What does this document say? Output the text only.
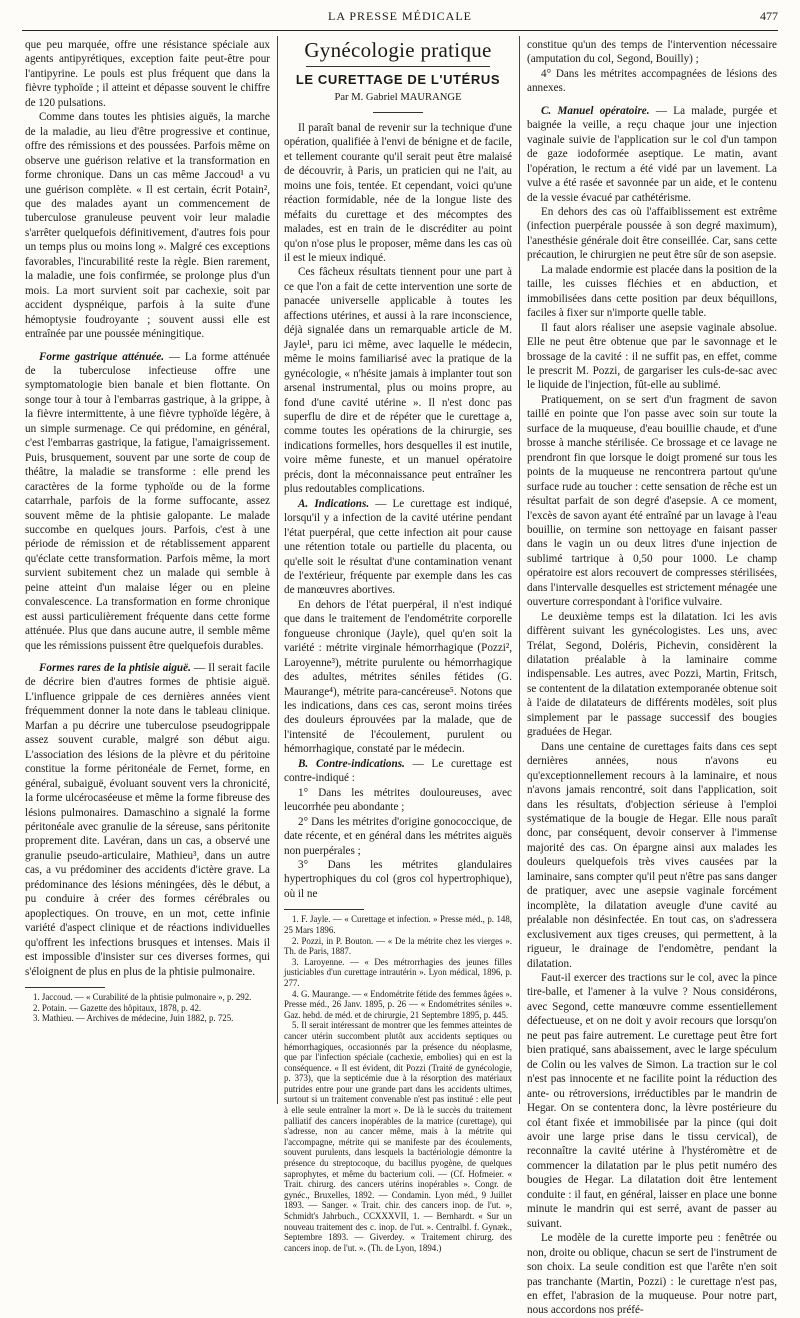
LA PRESSE MÉDICALE	477

que peu marquée, offre une résistance spéciale aux agents antipyrétiques, exception faite peut-être pour l'antipyrine. Le pouls est plus fréquent que dans la fièvre typhoïde ; il atteint et dépasse souvent le chiffre de 120 pulsations.

Comme dans toutes les phtisies aiguës, la marche de la maladie, au lieu d'être progressive et continue, offre des rémissions et des poussées. Parfois même on observe une guérison relative et la transformation en forme chronique. Dans un cas même Jaccoud¹ a vu une guérison complète. « Il est certain, écrit Potain², que des malades ayant un commencement de tuberculose granuleuse peuvent voir leur maladie s'arrêter quelquefois définitivement, d'autres fois pour un temps plus ou moins long ». Malgré ces exceptions favorables, l'incurabilité reste la règle. Bien rarement, la maladie, une fois confirmée, se prolonge plus d'un mois. La mort survient soit par cachexie, soit par accident dyspnéique, parfois à la suite d'une hémoptysie foudroyante ; souvent aussi elle est entraînée par une poussée méningitique.

Forme gastrique atténuée. — La forme atténuée de la tuberculose infectieuse offre une symptomatologie bien banale et bien flottante. On songe tour à tour à l'embarras gastrique, à la grippe, à la fièvre intermittente, à une fièvre typhoïde légère, à un simple surmenage. Ce qui prédomine, en général, c'est l'embarras gastrique, la fatigue, l'amaigrissement. Puis, brusquement, souvent par une sorte de coup de théâtre, la maladie se transforme : elle prend les caractères de la forme typhoïde ou de la forme catarrhale, parfois de la forme suffocante, assez souvent même de la phtisie galopante. Le malade succombe en quelques jours. Parfois, c'est à une période de rémission et de rétablissement apparent qu'éclate cette transformation. Parfois même, la mort survient subitement chez un malade qui semble à peine atteint d'un malaise léger ou en pleine convalescence. La transformation en forme chronique est aussi particulièrement fréquente dans cette forme atténuée. Plus que dans aucune autre, il semble même que les rémissions puissent être quelquefois durables.

Formes rares de la phtisie aiguë. — Il serait facile de décrire bien d'autres formes de phtisie aiguë. L'influence grippale de ces dernières années vient fréquemment donner la note dans le tableau clinique. Marfan a pu décrire une tuberculose pseudogrippale assez souvent curable, malgré son début aigu. L'association des lésions de la plèvre et du péritoine constitue la forme péritonéale de Fernet, forme, en général, subaiguë, évoluant souvent vers la chronicité, la forme ulcérocaséeuse et même la forme fibreuse des lésions pulmonaires. Damaschino a signalé la forme péritonéale avec granulie de la séreuse, sans péritonite proprement dite. Lavéran, dans un cas, a observé une granulie pseudo-articulaire, Mathieu³, dans un autre cas, a vu prédominer des accidents d'ictère grave. La prédominance des lésions méningées, dès le début, a pu conduire à créer des formes cérébrales ou apoplectiques. On trouve, en un mot, cette infinie variété d'aspect clinique et de réactions individuelles qu'offrent les infections brusques et intenses. Mais il est impossible d'insister sur ces diverses formes, qui s'éloignent de plus en plus de la phtisie pulmonaire.

1. Jaccoud. — « Curabilité de la phtisie pulmonaire », p. 292.

2. Potain. — Gazette des hôpitaux, 1878, p. 42.

3. Mathieu. — Archives de médecine, Juin 1882, p. 725.

Gynécologie pratique
LE CURETTAGE DE L'UTÉRUS
Par M. Gabriel MAURANGE

Il paraît banal de revenir sur la technique d'une opération, qualifiée à l'envi de bénigne et de facile, et tellement courante qu'il serait peut être malaisé de découvrir, à Paris, un praticien qui ne l'ait, au moins une fois, tentée. Et cependant, voici qu'une réaction formidable, née de la longue liste des méfaits du curettage et des mécomptes des malades, est en train de le discréditer au point qu'on n'ose plus le proposer, même dans les cas où il est le mieux indiqué.

Ces fâcheux résultats tiennent pour une part à ce que l'on a fait de cette intervention une sorte de panacée universelle applicable à toutes les affections utérines, et aussi à la rare inconscience, déjà signalée dans un remarquable article de M. Jayle¹, paru ici même, avec laquelle le médecin, même le moins familiarisé avec la pratique de la gynécologie, « n'hésite jamais à implanter tout son arsenal instrumental, plus ou moins propre, au fond d'une cavité utérine ». Il n'est donc pas superflu de dire et de répéter que le curettage a, comme toutes les opérations de la chirurgie, ses indications formelles, hors desquelles il est inutile, voire même funeste, et un manuel opératoire précis, dont la méconnaissance peut entraîner les plus redoutables complications.

A. Indications. — Le curettage est indiqué, lorsqu'il y a infection de la cavité utérine pendant l'état puerpéral, que cette infection ait pour cause une rétention totale ou partielle du placenta, ou qu'elle soit le résultat d'une contamination venant de l'extérieur, fréquente par exemple dans les cas de manœuvres abortives.

En dehors de l'état puerpéral, il n'est indiqué que dans le traitement de l'endométrite corporelle fongueuse chronique (Jayle), quel qu'en soit la variété : métrite virginale hémorrhagique (Pozzi², Laroyenne³), métrite purulente ou hémorrhagique des adultes, métrites séniles fétides (G. Maurange⁴), métrite para-cancéreuse⁵. Notons que les indications, dans ces cas, seront moins tirées des douleurs éprouvées par la malade, que de l'intensité de l'écoulement, purulent ou hémorrhagique, constaté par le médecin.

B. Contre-indications. — Le curettage est contre-indiqué :

1° Dans les métrites douloureuses, avec leucorrhée peu abondante ;

2° Dans les métrites d'origine gonococcique, de date récente, et en général dans les métrites aiguës non puerpérales ;

3° Dans les métrites glandulaires hypertrophiques du col (gros col hypertrophique), où il ne

1. F. Jayle. — « Curettage et infection. » Presse méd., p. 148, 25 Mars 1896.

2. Pozzi, in P. Bouton. — « De la métrite chez les vierges ». Th. de Paris, 1887.

3. Laroyenne. — « Des métrorrhagies des jeunes filles justiciables d'un curettage intrautérin ». Lyon médical, 1896, p. 277.

4. G. Maurange. — « Endométrite fétide des femmes âgées ». Presse méd., 26 Janv. 1895, p. 26 — « Endométrites séniles ». Gaz. hebd. de méd. et de chirurgie, 21 Septembre 1895, p. 445.

5. Il serait intéressant de montrer que les femmes atteintes de cancer utérin succombent plutôt aux accidents septiques ou hémorrhagiques, occasionnés par la présence du néoplasme, que par l'infection spéciale (cachexie, embolies) qui en est la conséquence. « Il est évident, dit Pozzi (Traité de gynécologie, p. 373), que la septicémie due à la résorption des matériaux putrides entre pour une grande part dans les accidents ultimes, surtout si un traitement convenable n'est pas institué : elle peut à elle seule entraîner la mort ». De là le succès du traitement palliatif des cancers inopérables de la matrice (curettage), qui s'adresse, non au cancer même, mais à la métrite qui l'accompagne, métrite qui se manifeste par des écoulements, souvent purulents, dans lesquels la bactériologie démontre la présence du streptocoque, du bacillus pyogène, de quelques saprophytes, et même du bacterium coli. — (Cf. Hofmeier. « Trait. chirurg. des cancers utérins inopérables ». Congr. de gynéc., Bruxelles, 1892. — Condamin. Lyon méd., 9 Juillet 1893. — Sanger. « Trait. chir. des cancers inop. de l'ut. », Schmidt's Jahrbuch., CCXXXVII, 1. — Bernhardt. « Sur un nouveau traitement des c. inop. de l'ut. ». Centralbl. f. Gynæk., Septembre 1893. — Giverdey. « Traitement chirurg. des cancers inop. de l'ut. ». (Th. de Lyon, 1894.)

constitue qu'un des temps de l'intervention nécessaire (amputation du col, Segond, Bouilly) ;

4° Dans les métrites accompagnées de lésions des annexes.

C. Manuel opératoire. — La malade, purgée et baignée la veille, a reçu chaque jour une injection vaginale suivie de l'application sur le col d'un tampon de gaze iodoformée aseptique. Le matin, avant l'opération, le rectum a été vidé par un lavement. La vulve a été rasée et savonnée par un aide, et le contenu de la vessie évacué par cathétérisme.

En dehors des cas où l'affaiblissement est extrême (infection puerpérale poussée à son degré maximum), l'anesthésie générale doit être conseillée. Car, sans cette précaution, le chirurgien ne peut être sûr de son asepsie.

La malade endormie est placée dans la position de la taille, les cuisses fléchies et en abduction, et immobilisées dans cette position par deux béquillons, faciles à fixer sur n'importe quelle table.

Il faut alors réaliser une asepsie vaginale absolue. Elle ne peut être obtenue que par le savonnage et le brossage de la cavité : il ne suffit pas, en effet, comme le prescrit M. Pozzi, de gargariser les culs-de-sac avec le liquide de l'injection, fût-elle au sublimé.

Pratiquement, on se sert d'un fragment de savon taillé en pointe que l'on passe avec soin sur toute la surface de la muqueuse, d'eau bouillie chaude, et d'une brosse à manche stérilisée. Ce brossage et ce lavage ne prendront fin que lorsque le doigt promené sur tous les points de la muqueuse ne rencontrera partout qu'une surface rude au toucher : cette sensation de rêche est un résultat parfait de son degré d'asepsie. A ce moment, l'excès de savon ayant été entraîné par un lavage à l'eau bouillie, on termine son nettoyage en faisant passer dans le vagin un ou deux litres d'une injection de sublimé tartrique à 0,50 pour 1000. Le champ opératoire est alors recouvert de compresses stérilisées, dans l'intervalle desquelles est strictement ménagée une ouverture correspondant à l'orifice vulvaire.

Le deuxième temps est la dilatation. Ici les avis diffèrent suivant les gynécologistes. Les uns, avec Trélat, Segond, Doléris, Pichevin, considèrent la dilatation préalable à la laminaire comme indispensable. Les autres, avec Pozzi, Martin, Fritsch, se contentent de la dilatation extemporanée obtenue soit à l'aide de dilatateurs de différents modèles, soit plus simplement par le passage successif des bougies graduées de Hegar.

Dans une centaine de curettages faits dans ces sept dernières années, nous n'avons eu qu'exceptionnellement recours à la laminaire, et nous n'avons jamais rencontré, soit dans l'application, soit dans les résultats, d'objection sérieuse à l'emploi systématique de la bougie de Hegar. Elle nous paraît donc, par conséquent, devoir conserver à l'immense majorité des cas. On épargne ainsi aux malades les douleurs quelquefois très vives causées par la laminaire, sans compter qu'il peut n'être pas sans danger de pratiquer, avec une asepsie vaginale forcément incomplète, la dilatation aveugle d'une cavité au préalable non désinfectée. En tout cas, on s'adressera exclusivement aux tiges creuses, qui permettent, à la rigueur, le drainage de l'endomètre, pendant la dilatation.

Faut-il exercer des tractions sur le col, avec la pince tire-balle, et l'amener à la vulve ? Nous considérons, avec Segond, cette manœuvre comme essentiellement défectueuse, et on ne doit y avoir recours que lorsqu'on ne peut pas faire autrement. Le curettage peut être fort bien pratiqué, sans abaissement, avec le large spéculum de Colin ou les valves de Simon. La traction sur le col n'est pas innocente et ne facilite point la réduction des ante- ou rétroversions, irréductibles par le mandrin de Hegar. On se contentera donc, la lèvre postérieure du col étant fixée et immobilisée par la pince (qui doit avoir une large prise dans le tissu cervical), de reconnaître la cavité utérine à l'hystéromètre et de commencer la dilatation par le plus petit numéro des bougies de Hegar. La dilatation doit être lentement conduite : il faut, en général, laisser en place une bonne minute le mandrin qui est serré, avant de passer au suivant.

Le modèle de la curette importe peu : fenêtrée ou non, droite ou oblique, chacun se sert de l'instrument de son choix. La seule condition est que l'arête n'en soit pas tranchante (Martin, Pozzi) : le curettage n'est pas, en effet, l'abrasion de la muqueuse. Pour notre part, nous accordons nos préfé-
